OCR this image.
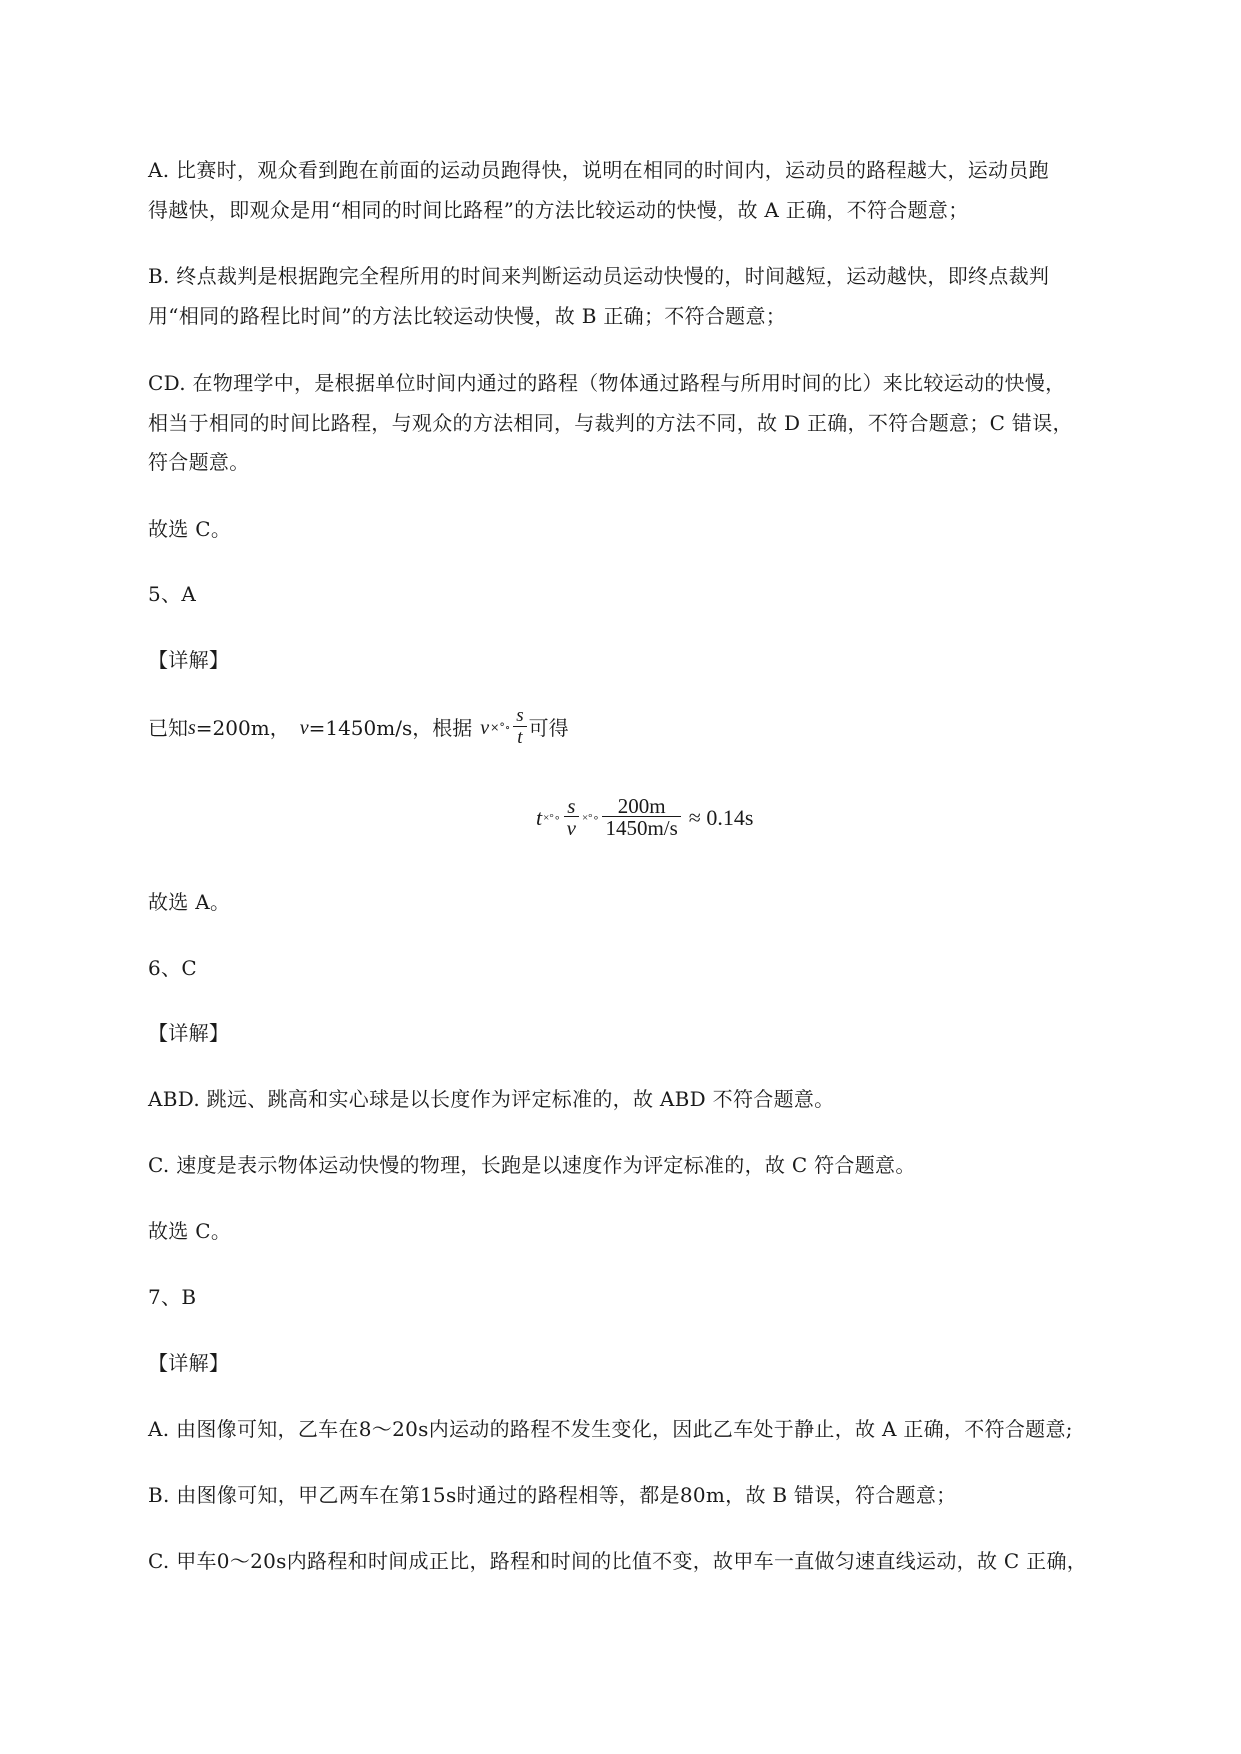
A. 比赛时，观众看到跑在前面的运动员跑得快，说明在相同的时间内，运动员的路程越大，运动员跑
得越快，即观众是用“相同的时间比路程”的方法比较运动的快慢，故 A 正确，不符合题意；
B. 终点裁判是根据跑完全程所用的时间来判断运动员运动快慢的，时间越短，运动越快，即终点裁判
用“相同的路程比时间”的方法比较运动快慢，故 B 正确；不符合题意；
CD. 在物理学中，是根据单位时间内通过的路程（物体通过路程与所用时间的比）来比较运动的快慢，
相当于相同的时间比路程，与观众的方法相同，与裁判的方法不同，故 D 正确，不符合题意；C 错误，
符合题意。
故选 C。
5、A
【详解】
已知 s =200m， v =1450m/s，根据 v ×°∘ $\frac{s}{t}$ 可得
t ×°∘ $\frac{s}{v}$ ×°∘ $\frac{200m}{1450m/s} \approx 0.14s$
故选 A。
6、C
【详解】
ABD. 跳远、跳高和实心球是以长度作为评定标准的，故 ABD 不符合题意。
C. 速度是表示物体运动快慢的物理，长跑是以速度作为评定标准的，故 C 符合题意。
故选 C。
7、B
【详解】
A. 由图像可知，乙车在8～20s内运动的路程不发生变化，因此乙车处于静止，故 A 正确，不符合题意;
B. 由图像可知，甲乙两车在第15s时通过的路程相等，都是80m，故 B 错误，符合题意；
C. 甲车0～20s内路程和时间成正比，路程和时间的比值不变，故甲车一直做匀速直线运动，故 C 正确，
